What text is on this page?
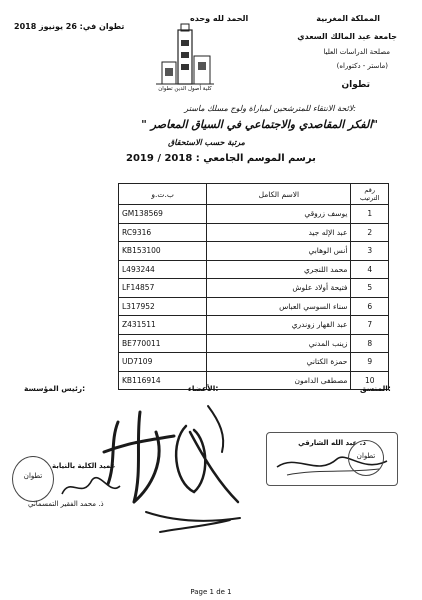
تطوان في: 26 يونيوز 2018
الحمد لله وحده	المملكة المغربية
جامعة عبد المالك السعدي
مصلحة الدراسات العليا
(ماستر - دكتوراه)
تطوان
كلية أصول الدين تطوان
لائحة الانتقاء للمترشحين لمباراة ولوج مسلك ماستر:
" الفكر المقاصدي والاجتماعي في السياق المعاصر"
مرتبة حسب الاستحقاق
برسم الموسم الجامعي : 2018 / 2019
ب.ت.و	الاسم الكامل	رقم الترتيب
GM138569	يوسف زروقي	1
RC9316	عبد الإله جيد	2
KB153100	أنس الوهابي	3
L493244	محمد اللنجري	4
LF14857	فتيحة أولاد علوش	5
L317952	سناء السوسي العباس	6
Z431511	عبد القهار زوندري	7
BE770011	زينب المدني	8
UD7109	حمزة الكتاني	9
KB116914	مصطفى الدامون	10
رئيس المؤسسة:	الأعضاء:	المنسق:
د. عبد الله الشارقي
تطوان
تطوان
عميد الكلية بالنيابة
ذ. محمد الفقير التمسماني
Page 1 de 1
